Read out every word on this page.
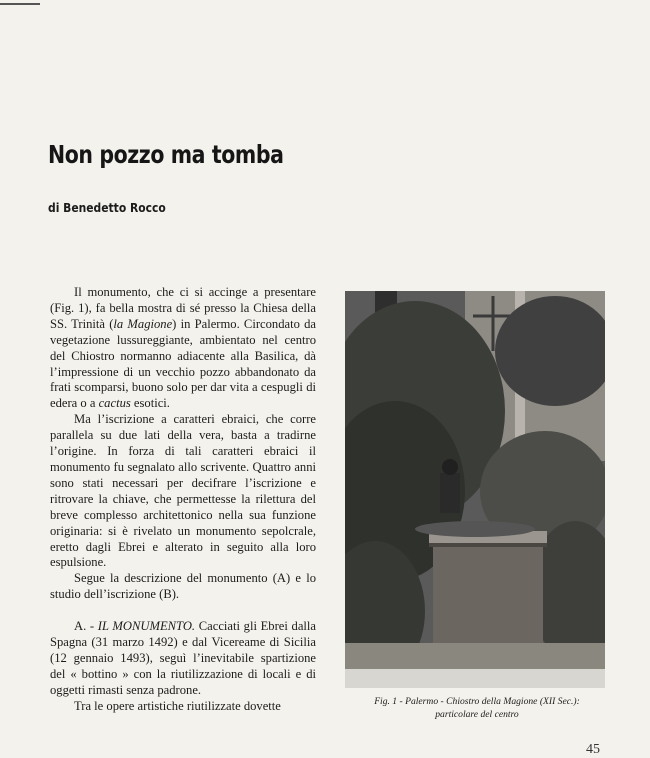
Non pozzo ma tomba
di Benedetto Rocco

Il monumento, che ci si accinge a presentare (Fig. 1), fa bella mostra di sé presso la Chiesa della SS. Trinità (la Magione) in Palermo. Circondato da vegetazione lussureggiante, ambientato nel centro del Chiostro normanno adiacente alla Basilica, dà l’impressione di un vecchio pozzo abbandonato da frati scomparsi, buono solo per dar vita a cespugli di edera o a cactus esotici.

Ma l’iscrizione a caratteri ebraici, che corre parallela su due lati della vera, basta a tradirne l’origine. In forza di tali caratteri ebraici il monumento fu segnalato allo scrivente. Quattro anni sono stati necessari per decifrare l’iscrizione e ritrovare la chiave, che permettesse la rilettura del breve complesso architettonico nella sua funzione originaria: si è rivelato un monumento sepolcrale, eretto dagli Ebrei e alterato in seguito alla loro espulsione.

Segue la descrizione del monumento (A) e lo studio dell’iscrizione (B).

A. - IL MONUMENTO. Cacciati gli Ebrei dalla Spagna (31 marzo 1492) e dal Vicereame di Sicilia (12 gennaio 1493), seguì l’inevitabile spartizione del « bottino » con la riutilizzazione di locali e di oggetti rimasti senza padrone.

Tra le opere artistiche riutilizzate dovette	Fig. 1 - Palermo - Chiostro della Magione (XII Sec.):
particolare del centro
45
